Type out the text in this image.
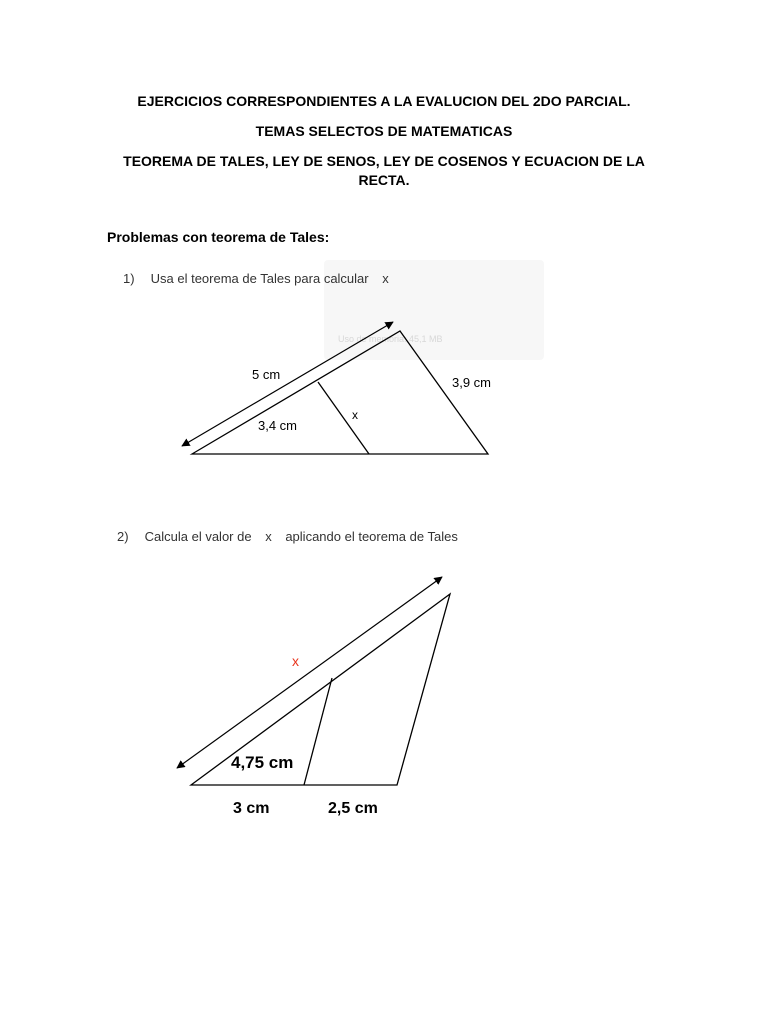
EJERCICIOS CORRESPONDIENTES A LA EVALUCION DEL 2DO PARCIAL.
TEMAS SELECTOS DE MATEMATICAS
TEOREMA DE TALES, LEY DE SENOS, LEY DE COSENOS Y ECUACION DE LA RECTA.
Problemas con teorema de Tales:
Uso de memoria: 45,1 MB
1) Usa el teorema de Tales para calcular x
2) Calcula el valor de x aplicando el teorema de Tales
5 cm
3,9 cm
3,4 cm
x
x
4,75 cm
3 cm	2,5 cm
